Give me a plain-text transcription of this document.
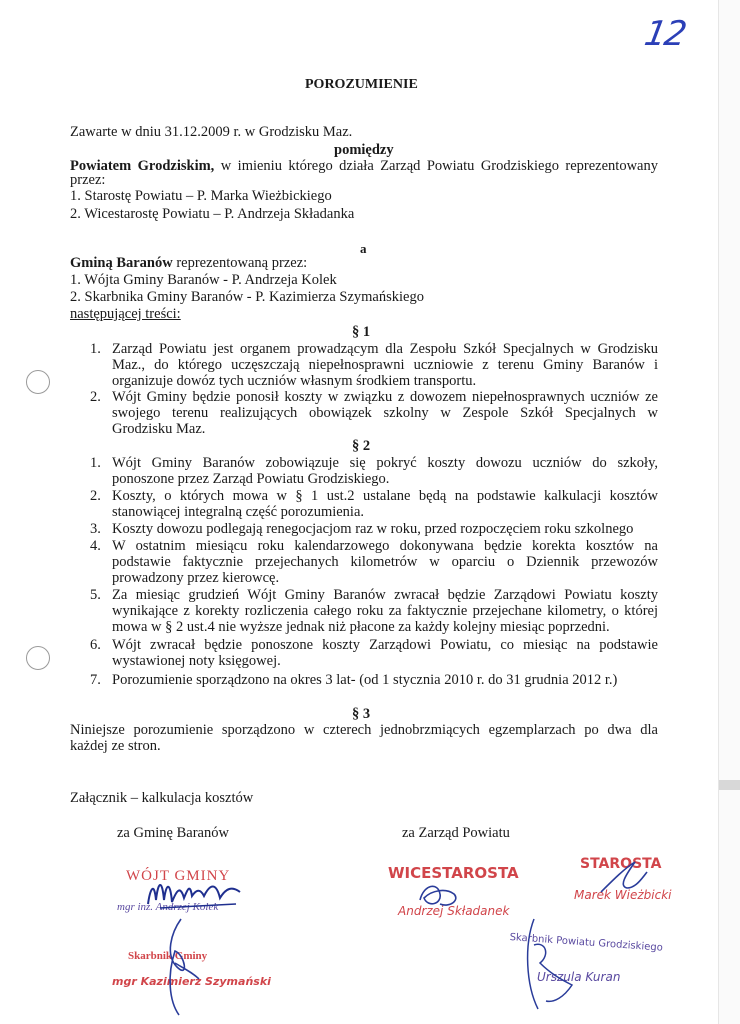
12
POROZUMIENIE
Zawarte w dniu 31.12.2009 r. w Grodzisku Maz.
pomiędzy
Powiatem Grodziskim, w imieniu którego działa Zarząd Powiatu Grodziskiego reprezentowany
przez:
1. Starostę Powiatu – P. Marka Wieżbickiego
2. Wicestarostę Powiatu – P. Andrzeja Składanka
a
Gminą Baranów reprezentowaną przez:
1. Wójta Gminy Baranów - P. Andrzeja Kolek
2. Skarbnika Gminy Baranów - P. Kazimierza Szymańskiego
następującej treści:
§ 1
1. Zarząd Powiatu jest organem prowadzącym dla Zespołu Szkół Specjalnych w Grodzisku
Maz., do którego uczęszczają niepełnosprawni uczniowie z terenu Gminy Baranów i
organizuje dowóz tych uczniów własnym środkiem transportu.
2. Wójt Gminy będzie ponosił koszty w związku z dowozem niepełnosprawnych uczniów ze
swojego terenu realizujących obowiązek szkolny w Zespole Szkół Specjalnych w
Grodzisku Maz.
§ 2
1. Wójt Gminy Baranów zobowiązuje się pokryć koszty dowozu uczniów do szkoły,
ponoszone przez Zarząd Powiatu Grodziskiego.
2. Koszty, o których mowa w § 1 ust.2 ustalane będą na podstawie kalkulacji kosztów
stanowiącej integralną część porozumienia.
3. Koszty dowozu podlegają renegocjacjom raz w roku, przed rozpoczęciem roku szkolnego
4. W ostatnim miesiącu roku kalendarzowego dokonywana będzie korekta kosztów na
podstawie faktycznie przejechanych kilometrów w oparciu o Dziennik przewozów
prowadzony przez kierowcę.
5. Za miesiąc grudzień Wójt Gminy Baranów zwracał będzie Zarządowi Powiatu koszty
wynikające z korekty rozliczenia całego roku za faktycznie przejechane kilometry, o której
mowa w § 2 ust.4 nie wyższe jednak niż płacone za każdy kolejny miesiąc poprzedni.
6. Wójt zwracał będzie ponoszone koszty Zarządowi Powiatu, co miesiąc na podstawie
wystawionej noty księgowej.
7. Porozumienie sporządzono na okres 3 lat- (od 1 stycznia 2010 r. do 31 grudnia 2012 r.)
§ 3
Niniejsze porozumienie sporządzono w czterech jednobrzmiących egzemplarzach po dwa dla
każdej ze stron.
Załącznik – kalkulacja kosztów
za Gminę Baranów	za Zarząd Powiatu
WÓJT GMINY
mgr inż. Andrzej Kolek
Skarbnik Gminy
mgr Kazimierz Szymański
WICESTAROSTA
Andrzej Składanek
STAROSTA
Marek Wieżbicki
Skarbnik Powiatu Grodziskiego
Urszula Kuran
